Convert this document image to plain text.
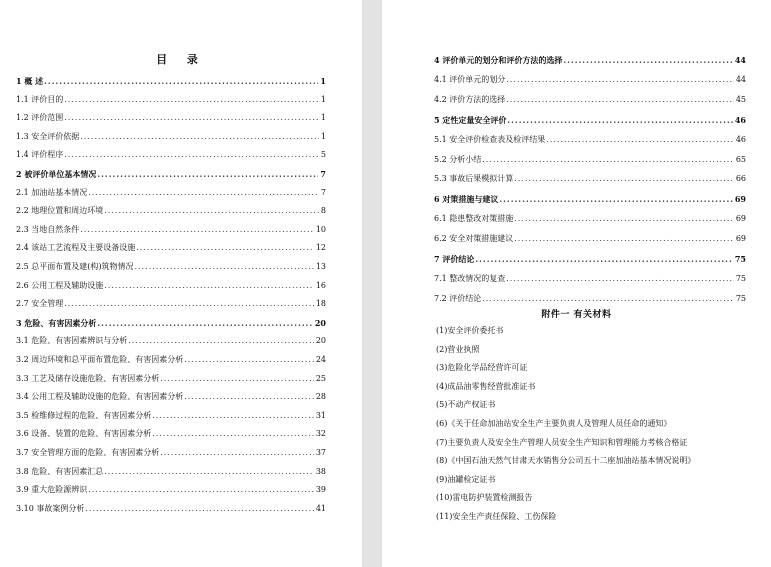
目 录
1 概 述 .....	1
1.1 评价目的 .....	1
1.2 评价范围 .....	1
1.3 安全评价依据 .....	1
1.4 评价程序 .....	5
2 被评价单位基本情况 .....	7
2.1 加油站基本情况 .....	7
2.2 地理位置和周边环境 .....	8
2.3 当地自然条件 .....	10
2.4 该站工艺流程及主要设备设施 .....	12
2.5 总平面布置及建(构)筑物情况 .....	13
2.6 公用工程及辅助设施 .....	16
2.7 安全管理 .....	18
3 危险、有害因素分析 .....	20
3.1 危险、有害因素辨识与分析 .....	20
3.2 周边环境和总平面布置危险、有害因素分析 .....	24
3.3 工艺及储存设施危险、有害因素分析 .....	25
3.4 公用工程及辅助设施的危险、有害因素分析 .....	28
3.5 检维修过程的危险、有害因素分析 .....	31
3.6 设备、装置的危险、有害因素分析 .....	32
3.7 安全管理方面的危险、有害因素分析 .....	37
3.8 危险、有害因素汇总 .....	38
3.9 重大危险源辨识 .....	39
3.10 事故案例分析 .....	41
4 评价单元的划分和评价方法的选择 .....	44
4.1 评价单元的划分 .....	44
4.2 评价方法的选择 .....	45
5 定性定量安全评价 .....	46
5.1 安全评价检查表及检评结果 .....	46
5.2 分析小结 .....	65
5.3 事故后果模拟计算 .....	66
6 对策措施与建议 .....	69
6.1 隐患整改对策措施 .....	69
6.2 安全对策措施建议 .....	69
7 评价结论 .....	75
7.1 整改情况的复查 .....	75
7.2 评价结论 .....	75
附件一 有关材料
(1)安全评价委托书
(2)营业执照
(3)危险化学品经营许可证
(4)成品油零售经营批准证书
(5)不动产权证书
(6)《关于任命加油站安全生产主要负责人及管理人员任命的通知》
(7)主要负责人及安全生产管理人员安全生产知识和管理能力考核合格证
(8)《中国石油天然气甘肃天水销售分公司五十二座加油站基本情况说明》
(9)油罐检定证书
(10)雷电防护装置检测报告
(11)安全生产责任保险、工伤保险
